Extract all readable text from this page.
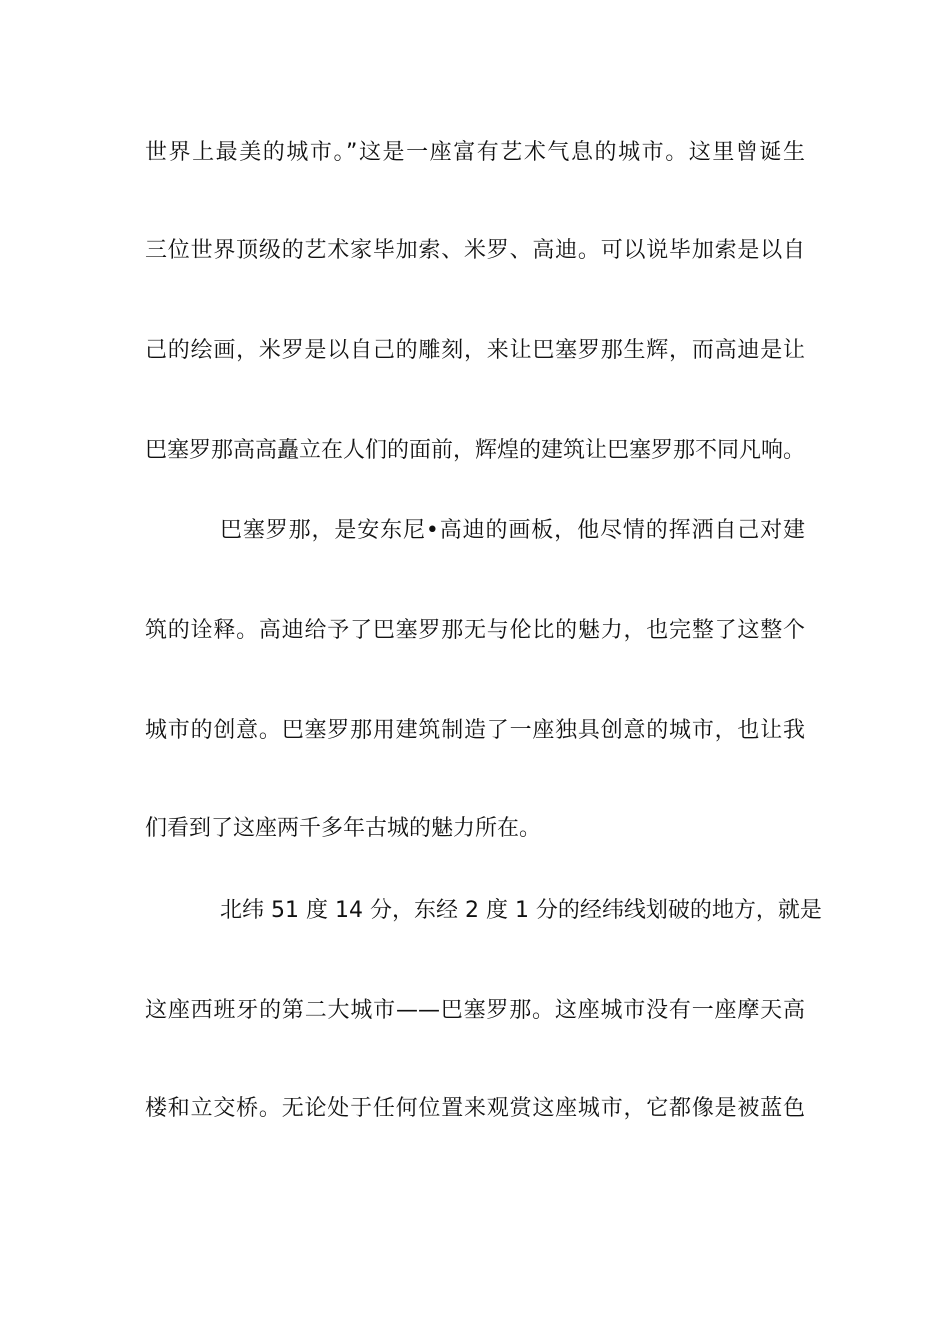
世界上最美的城市。”这是一座富有艺术气息的城市。这里曾诞生
三位世界顶级的艺术家毕加索、米罗、高迪。可以说毕加索是以自
己的绘画，米罗是以自己的雕刻，来让巴塞罗那生辉，而高迪是让
巴塞罗那高高矗立在人们的面前，辉煌的建筑让巴塞罗那不同凡响。
巴塞罗那，是安东尼•高迪的画板，他尽情的挥洒自己对建
筑的诠释。高迪给予了巴塞罗那无与伦比的魅力，也完整了这整个
城市的创意。巴塞罗那用建筑制造了一座独具创意的城市，也让我
们看到了这座两千多年古城的魅力所在。
北纬 51 度 14 分，东经 2 度 1 分的经纬线划破的地方，就是
这座西班牙的第二大城市——巴塞罗那。这座城市没有一座摩天高
楼和立交桥。无论处于任何位置来观赏这座城市，它都像是被蓝色
